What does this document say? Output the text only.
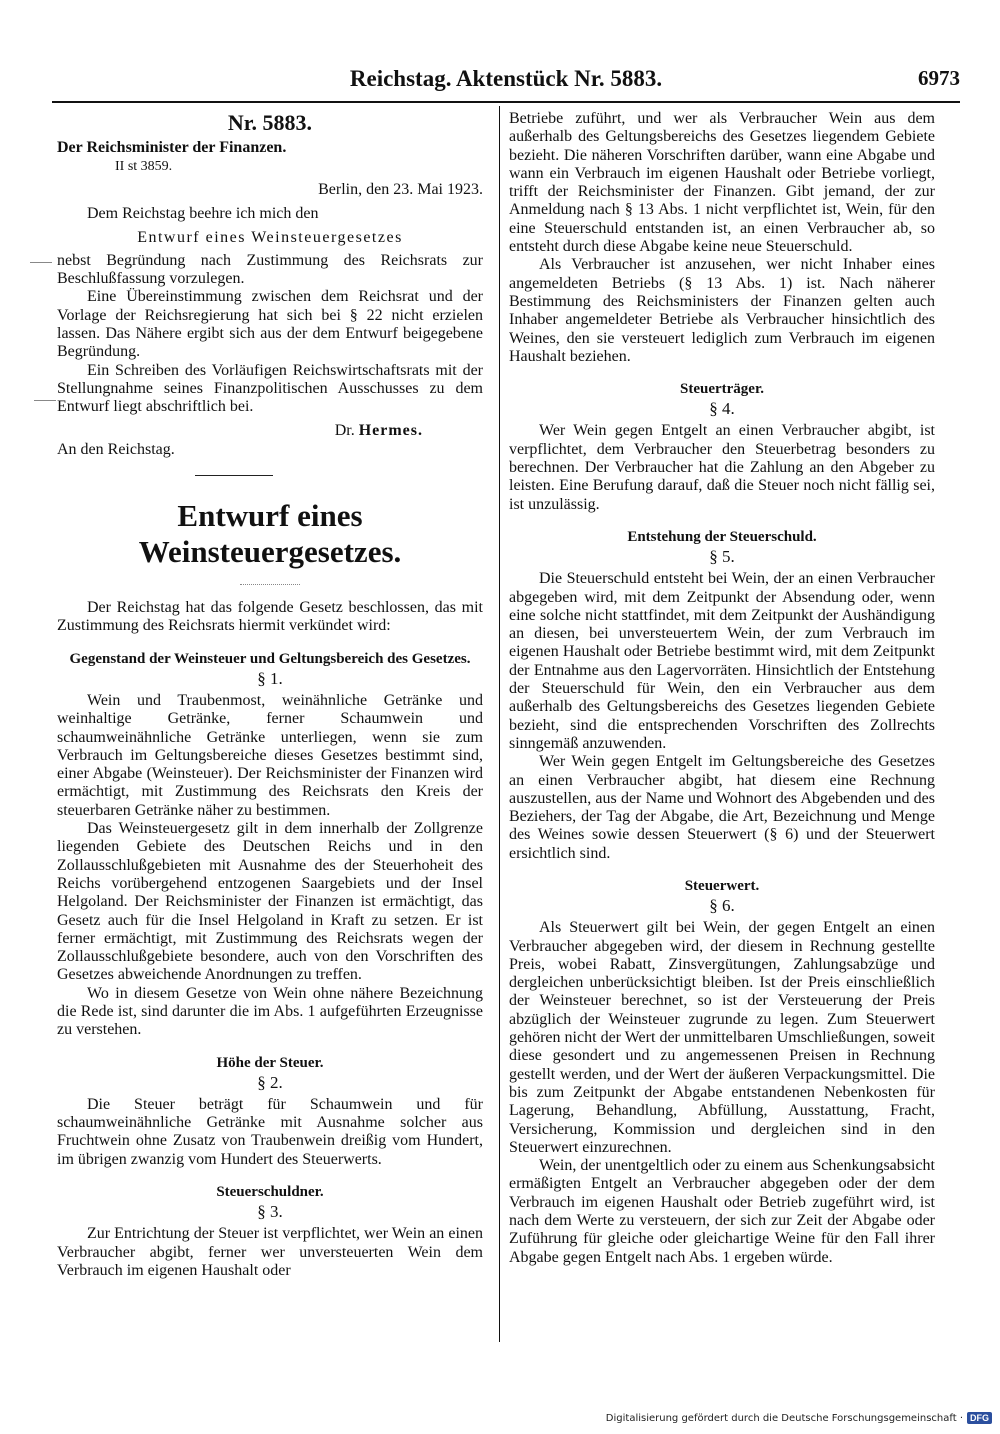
Reichstag. Aktenstück Nr. 5883.	6973
Nr. 5883.
Der Reichsminister der Finanzen.
II st 3859.
Berlin, den 23. Mai 1923.

Dem Reichstag beehre ich mich den

Entwurf eines Weinsteuergesetzes

nebst Begründung nach Zustimmung des Reichsrats zur Beschlußfassung vorzulegen.

Eine Übereinstimmung zwischen dem Reichsrat und der Vorlage der Reichsregierung hat sich bei § 22 nicht erzielen lassen. Das Nähere ergibt sich aus der dem Entwurf beigegebene Begründung.

Ein Schreiben des Vorläufigen Reichswirtschaftsrats mit der Stellungnahme seines Finanzpolitischen Ausschusses zu dem Entwurf liegt abschriftlich bei.

Dr. Hermes.

An den Reichstag.

Entwurf eines Weinsteuergesetzes.

Der Reichstag hat das folgende Gesetz beschlossen, das mit Zustimmung des Reichsrats hiermit verkündet wird:

Gegenstand der Weinsteuer und Geltungsbereich des Gesetzes.
§ 1.

Wein und Traubenmost, weinähnliche Getränke und weinhaltige Getränke, ferner Schaumwein und schaumweinähnliche Getränke unterliegen, wenn sie zum Verbrauch im Geltungsbereiche dieses Gesetzes bestimmt sind, einer Abgabe (Weinsteuer). Der Reichsminister der Finanzen wird ermächtigt, mit Zustimmung des Reichsrats den Kreis der steuerbaren Getränke näher zu bestimmen.

Das Weinsteuergesetz gilt in dem innerhalb der Zollgrenze liegenden Gebiete des Deutschen Reichs und in den Zollausschlußgebieten mit Ausnahme des der Steuerhoheit des Reichs vorübergehend entzogenen Saargebiets und der Insel Helgoland. Der Reichsminister der Finanzen ist ermächtigt, das Gesetz auch für die Insel Helgoland in Kraft zu setzen. Er ist ferner ermächtigt, mit Zustimmung des Reichsrats wegen der Zollausschlußgebiete besondere, auch von den Vorschriften des Gesetzes abweichende Anordnungen zu treffen.

Wo in diesem Gesetze von Wein ohne nähere Bezeichnung die Rede ist, sind darunter die im Abs. 1 aufgeführten Erzeugnisse zu verstehen.

Höhe der Steuer.
§ 2.

Die Steuer beträgt für Schaumwein und für schaumweinähnliche Getränke mit Ausnahme solcher aus Fruchtwein ohne Zusatz von Traubenwein dreißig vom Hundert, im übrigen zwanzig vom Hundert des Steuerwerts.

Steuerschuldner.
§ 3.

Zur Entrichtung der Steuer ist verpflichtet, wer Wein an einen Verbraucher abgibt, ferner wer unversteuerten Wein dem Verbrauch im eigenen Haushalt oder

Betriebe zuführt, und wer als Verbraucher Wein aus dem außerhalb des Geltungsbereichs des Gesetzes liegendem Gebiete bezieht. Die näheren Vorschriften darüber, wann eine Abgabe und wann ein Verbrauch im eigenen Haushalt oder Betriebe vorliegt, trifft der Reichsminister der Finanzen. Gibt jemand, der zur Anmeldung nach § 13 Abs. 1 nicht verpflichtet ist, Wein, für den eine Steuerschuld entstanden ist, an einen Verbraucher ab, so entsteht durch diese Abgabe keine neue Steuerschuld.

Als Verbraucher ist anzusehen, wer nicht Inhaber eines angemeldeten Betriebs (§ 13 Abs. 1) ist. Nach näherer Bestimmung des Reichsministers der Finanzen gelten auch Inhaber angemeldeter Betriebe als Verbraucher hinsichtlich des Weines, den sie versteuert lediglich zum Verbrauch im eigenen Haushalt beziehen.

Steuerträger.
§ 4.

Wer Wein gegen Entgelt an einen Verbraucher abgibt, ist verpflichtet, dem Verbraucher den Steuerbetrag besonders zu berechnen. Der Verbraucher hat die Zahlung an den Abgeber zu leisten. Eine Berufung darauf, daß die Steuer noch nicht fällig sei, ist unzulässig.

Entstehung der Steuerschuld.
§ 5.

Die Steuerschuld entsteht bei Wein, der an einen Verbraucher abgegeben wird, mit dem Zeitpunkt der Absendung oder, wenn eine solche nicht stattfindet, mit dem Zeitpunkt der Aushändigung an diesen, bei unversteuertem Wein, der zum Verbrauch im eigenen Haushalt oder Betriebe bestimmt wird, mit dem Zeitpunkt der Entnahme aus den Lagervorräten. Hinsichtlich der Entstehung der Steuerschuld für Wein, den ein Verbraucher aus dem außerhalb des Geltungsbereichs des Gesetzes liegenden Gebiete bezieht, sind die entsprechenden Vorschriften des Zollrechts sinngemäß anzuwenden.

Wer Wein gegen Entgelt im Geltungsbereiche des Gesetzes an einen Verbraucher abgibt, hat diesem eine Rechnung auszustellen, aus der Name und Wohnort des Abgebenden und des Beziehers, der Tag der Abgabe, die Art, Bezeichnung und Menge des Weines sowie dessen Steuerwert (§ 6) und der Steuerwert ersichtlich sind.

Steuerwert.
§ 6.

Als Steuerwert gilt bei Wein, der gegen Entgelt an einen Verbraucher abgegeben wird, der diesem in Rechnung gestellte Preis, wobei Rabatt, Zinsvergütungen, Zahlungsabzüge und dergleichen unberücksichtigt bleiben. Ist der Preis einschließlich der Weinsteuer berechnet, so ist der Versteuerung der Preis abzüglich der Weinsteuer zugrunde zu legen. Zum Steuerwert gehören nicht der Wert der unmittelbaren Umschließungen, soweit diese gesondert und zu angemessenen Preisen in Rechnung gestellt werden, und der Wert der äußeren Verpackungsmittel. Die bis zum Zeitpunkt der Abgabe entstandenen Nebenkosten für Lagerung, Behandlung, Abfüllung, Ausstattung, Fracht, Versicherung, Kommission und dergleichen sind in den Steuerwert einzurechnen.

Wein, der unentgeltlich oder zu einem aus Schenkungsabsicht ermäßigten Entgelt an Verbraucher abgegeben oder der dem Verbrauch im eigenen Haushalt oder Betrieb zugeführt wird, ist nach dem Werte zu versteuern, der sich zur Zeit der Abgabe oder Zuführung für gleiche oder gleichartige Weine für den Fall ihrer Abgabe gegen Entgelt nach Abs. 1 ergeben würde.

Digitalisierung gefördert durch die Deutsche Forschungsgemeinschaft · DFG
